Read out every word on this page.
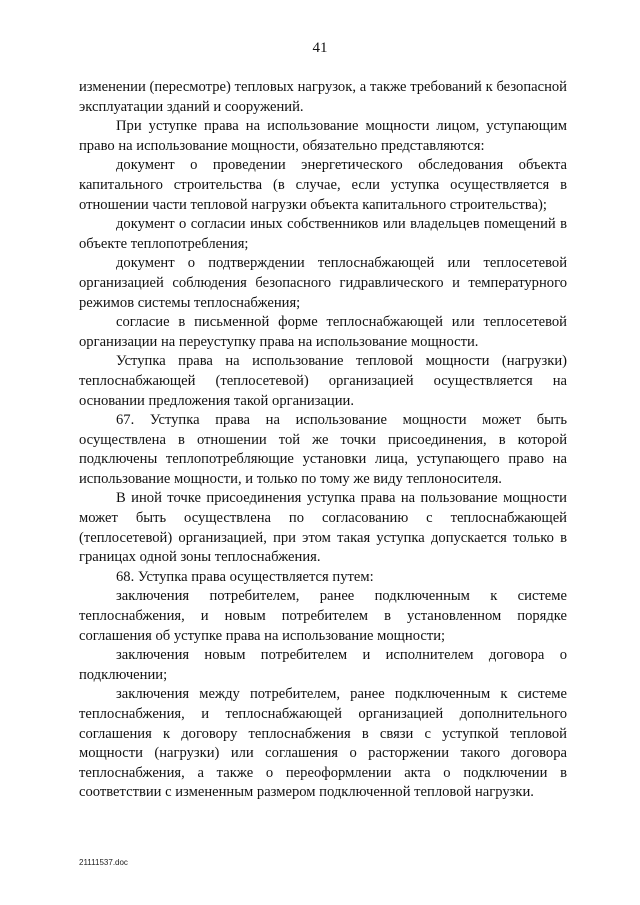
41

изменении (пересмотре) тепловых нагрузок, а также требований к безопасной эксплуатации зданий и сооружений.

При уступке права на использование мощности лицом, уступающим право на использование мощности, обязательно представляются:

документ о проведении энергетического обследования объекта капитального строительства (в случае, если уступка осуществляется в отношении части тепловой нагрузки объекта капитального строительства);

документ о согласии иных собственников или владельцев помещений в объекте теплопотребления;

документ о подтверждении теплоснабжающей или теплосетевой организацией соблюдения безопасного гидравлического и температурного режимов системы теплоснабжения;

согласие в письменной форме теплоснабжающей или теплосетевой организации на переуступку права на использование мощности.

Уступка права на использование тепловой мощности (нагрузки) теплоснабжающей (теплосетевой) организацией осуществляется на основании предложения такой организации.

67. Уступка права на использование мощности может быть осуществлена в отношении той же точки присоединения, в которой подключены теплопотребляющие установки лица, уступающего право на использование мощности, и только по тому же виду теплоносителя.

В иной точке присоединения уступка права на пользование мощности может быть осуществлена по согласованию с теплоснабжающей (теплосетевой) организацией, при этом такая уступка допускается только в границах одной зоны теплоснабжения.

68. Уступка права осуществляется путем:

заключения потребителем, ранее подключенным к системе теплоснабжения, и новым потребителем в установленном порядке соглашения об уступке права на использование мощности;

заключения новым потребителем и исполнителем договора о подключении;

заключения между потребителем, ранее подключенным к системе теплоснабжения, и теплоснабжающей организацией дополнительного соглашения к договору теплоснабжения в связи с уступкой тепловой мощности (нагрузки) или соглашения о расторжении такого договора теплоснабжения, а также о переоформлении акта о подключении в соответствии с измененным размером подключенной тепловой нагрузки.

21111537.doc
